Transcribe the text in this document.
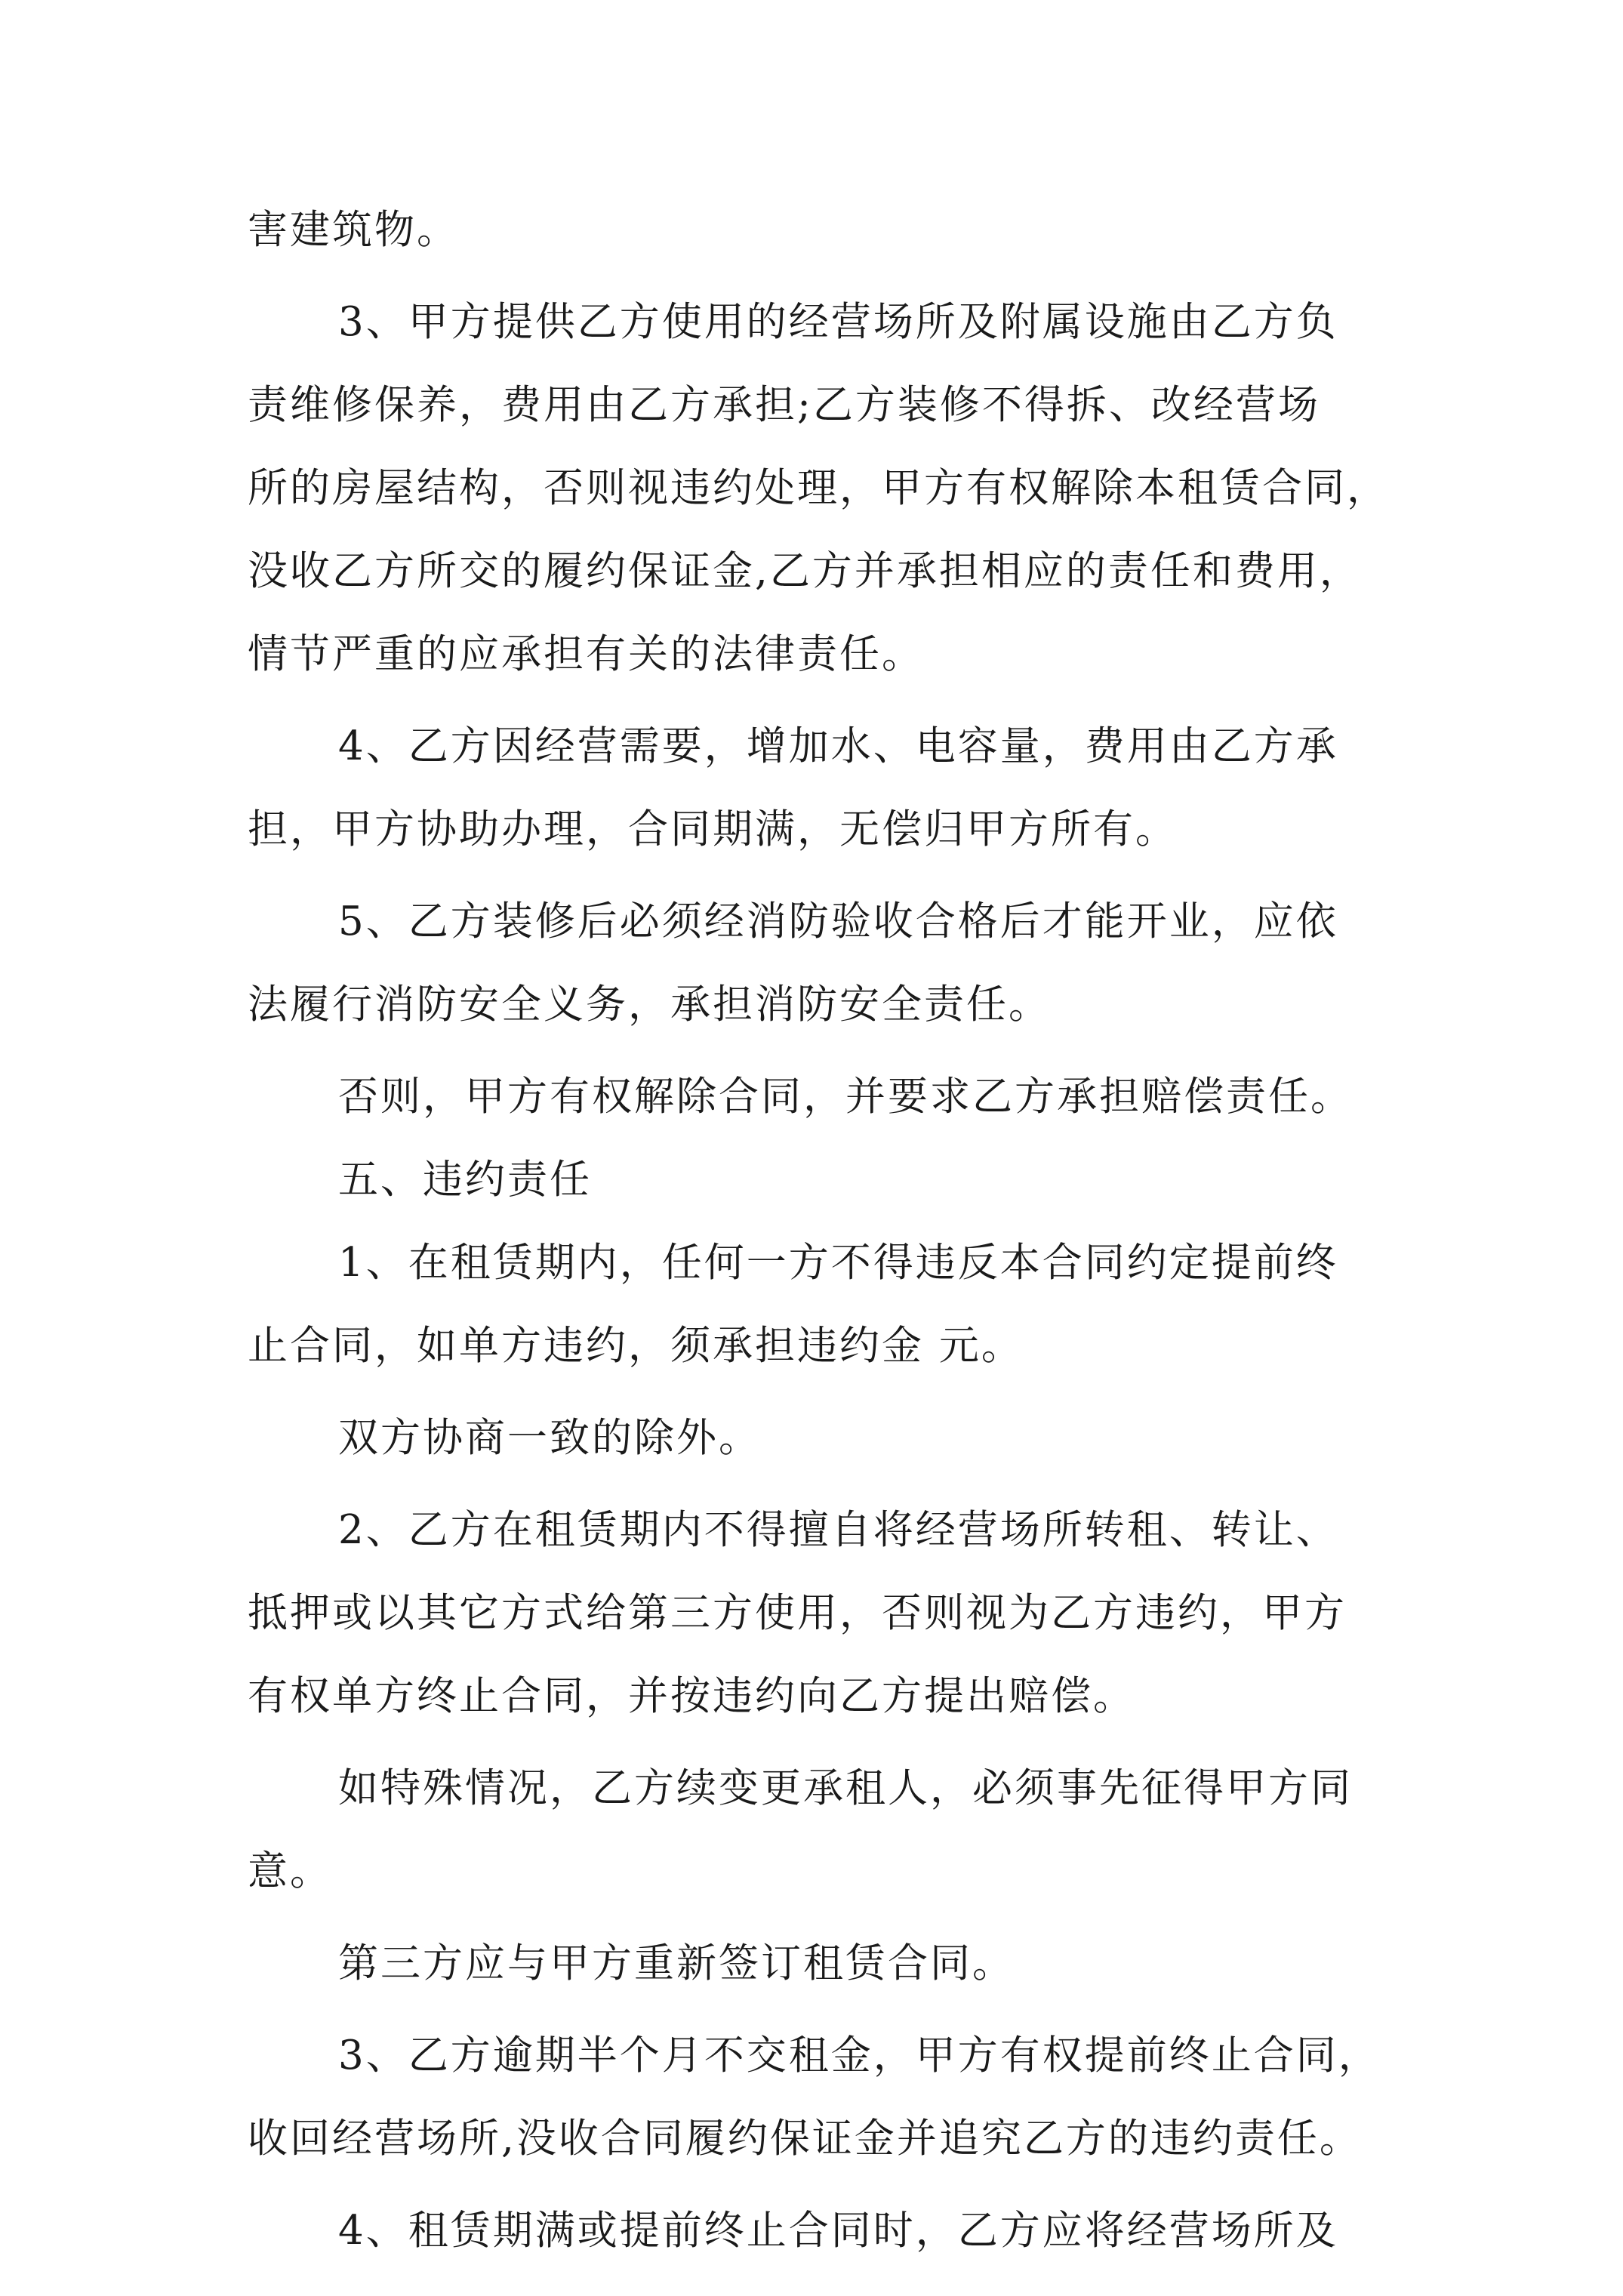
害建筑物。
3、甲方提供乙方使用的经营场所及附属设施由乙方负
责维修保养，费用由乙方承担;乙方装修不得拆、改经营场
所的房屋结构，否则视违约处理，甲方有权解除本租赁合同，
没收乙方所交的履约保证金,乙方并承担相应的责任和费用，
情节严重的应承担有关的法律责任。
4、乙方因经营需要，增加水、电容量，费用由乙方承
担，甲方协助办理，合同期满，无偿归甲方所有。
5、乙方装修后必须经消防验收合格后才能开业，应依
法履行消防安全义务，承担消防安全责任。
否则，甲方有权解除合同，并要求乙方承担赔偿责任。
五、违约责任
1、在租赁期内，任何一方不得违反本合同约定提前终
止合同，如单方违约，须承担违约金 元。
双方协商一致的除外。
2、乙方在租赁期内不得擅自将经营场所转租、转让、
抵押或以其它方式给第三方使用，否则视为乙方违约，甲方
有权单方终止合同，并按违约向乙方提出赔偿。
如特殊情况，乙方续变更承租人，必须事先征得甲方同
意。
第三方应与甲方重新签订租赁合同。
3、乙方逾期半个月不交租金，甲方有权提前终止合同，
收回经营场所,没收合同履约保证金并追究乙方的违约责任。
4、租赁期满或提前终止合同时，乙方应将经营场所及
